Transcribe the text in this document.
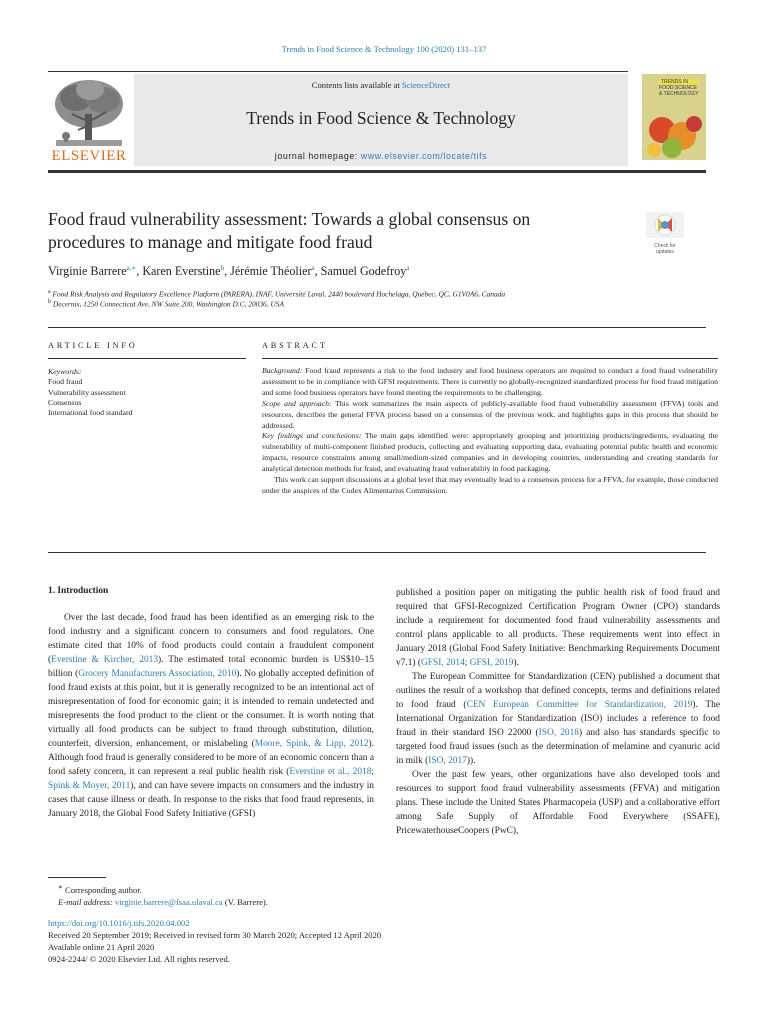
Trends in Food Science & Technology 100 (2020) 131–137
ELSEVIER
Contents lists available at ScienceDirect
Trends in Food Science & Technology
journal homepage: www.elsevier.com/locate/tifs
TRENDS IN
FOOD SCIENCE
& TECHNOLOGY
Food fraud vulnerability assessment: Towards a global consensus on procedures to manage and mitigate food fraud	Check for
updates
Virginie Barrere$^{a,∗}$, Karen Everstine$^b$, Jérémie Théolier$^a$, Samuel Godefroy$^a$
$^a$ Food Risk Analysis and Regulatory Excellence Platform (PARERA), INAF, Université Laval, 2440 boulevard Hochelaga, Québec, QC, G1V0A6, Canada
$^b$ Decernis, 1250 Connecticut Ave, NW Suite 200, Washington D.C, 20036, USA
ARTICLE INFO
Keywords:
Food fraud
Vulnerability assessment
Consensus
International food standard
ABSTRACT

Background: Food fraud represents a risk to the food industry and food business operators are required to conduct a food fraud vulnerability assessment to be in compliance with GFSI requirements. There is currently no globally-recognized standardized process for food fraud mitigation and some food business operators have found meeting the requirements to be challenging.

Scope and approach: This work summarizes the main aspects of publicly-available food fraud vulnerability assessment (FFVA) tools and resources, describes the general FFVA process based on a consensus of the previous work, and highlights gaps in this process that should be addressed.

Key findings and conclusions: The main gaps identified were: appropriately grouping and prioritizing products/ingredients, evaluating the vulnerability of multi-component finished products, collecting and evaluating supporting data, evaluating potential public health and economic impacts, resource constraints among small/medium-sized companies and in developing countries, understanding and creating standards for analytical detection methods for fraud, and evaluating fraud vulnerability in food packaging.

This work can support discussions at a global level that may eventually lead to a consensus process for a FFVA, for example, those conducted under the auspices of the Codex Alimentarius Commission.

1. Introduction

Over the last decade, food fraud has been identified as an emerging risk to the food industry and a significant concern to consumers and food regulators. One estimate cited that 10% of food products could contain a fraudulent component (Everstine & Kircher, 2013). The estimated total economic burden is US$10–15 billion (Grocery Manufacturers Association, 2010). No globally accepted definition of food fraud exists at this point, but it is generally recognized to be an intentional act of misrepresentation of food for economic gain; it is intended to remain undetected and misrepresents the food product to the client or the consumer. It is worth noting that virtually all food products can be subject to fraud through substitution, dilution, counterfeit, diversion, enhancement, or mislabeling (Moore, Spink, & Lipp, 2012). Although food fraud is generally considered to be more of an economic concern than a food safety concern, it can represent a real public health risk (Everstine et al., 2018; Spink & Moyer, 2011), and can have severe impacts on consumers and the industry in cases that cause illness or death. In response to the risks that food fraud represents, in January 2018, the Global Food Safety Initiative (GFSI)

published a position paper on mitigating the public health risk of food fraud and required that GFSI-Recognized Certification Program Owner (CPO) standards include a requirement for documented food fraud vulnerability assessments and control plans applicable to all products. These requirements went into effect in January 2018 (Global Food Safety Initiative: Benchmarking Requirements Document v7.1) (GFSI, 2014; GFSI, 2019).

The European Committee for Standardization (CEN) published a document that outlines the result of a workshop that defined concepts, terms and definitions related to food fraud (CEN European Committee for Standardization, 2019). The International Organization for Standardization (ISO) includes a reference to food fraud in their standard ISO 22000 (ISO, 2018) and also has standards specific to targeted food fraud issues (such as the determination of melamine and cyanuric acid in milk (ISO, 2017)).

Over the past few years, other organizations have also developed tools and resources to support food fraud vulnerability assessments (FFVA) and mitigation plans. These include the United States Pharmacopeia (USP) and a collaborative effort among Safe Supply of Affordable Food Everywhere (SSAFE), PricewaterhouseCoopers (PwC),

∗ Corresponding author.

E-mail address: virginie.barrere@fsaa.ulaval.ca (V. Barrere).

https://doi.org/10.1016/j.tifs.2020.04.002

Received 20 September 2019; Received in revised form 30 March 2020; Accepted 12 April 2020

Available online 21 April 2020

0924-2244/ © 2020 Elsevier Ltd. All rights reserved.
